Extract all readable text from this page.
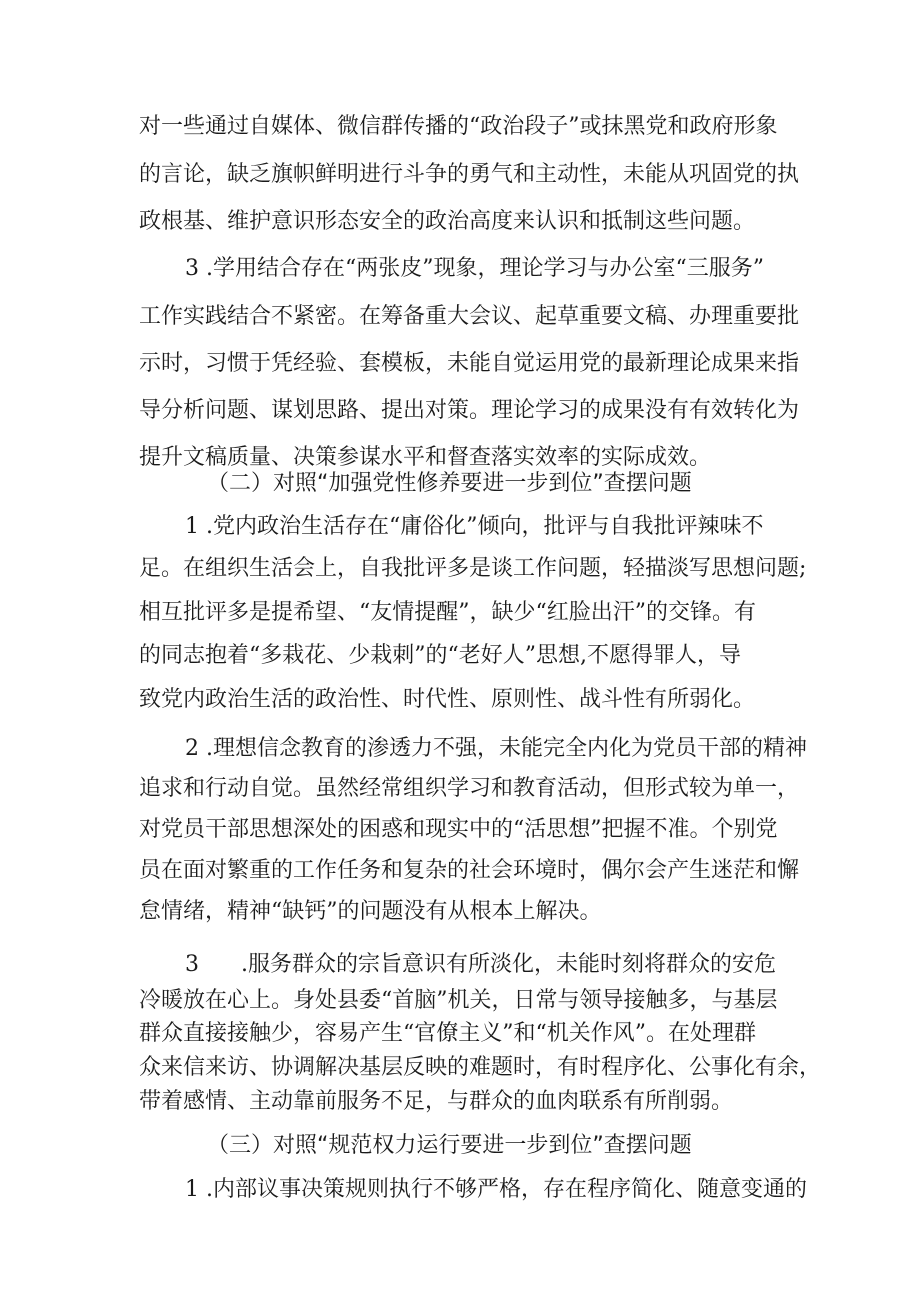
对一些通过自媒体、微信群传播的“政治段子”或抹黑党和政府形象

的言论，缺乏旗帜鲜明进行斗争的勇气和主动性，未能从巩固党的执

政根基、维护意识形态安全的政治高度来认识和抵制这些问题。

3 .学用结合存在“两张皮”现象，理论学习与办公室“三服务”

工作实践结合不紧密。在筹备重大会议、起草重要文稿、办理重要批

示时，习惯于凭经验、套模板，未能自觉运用党的最新理论成果来指

导分析问题、谋划思路、提出对策。理论学习的成果没有有效转化为

提升文稿质量、决策参谋水平和督查落实效率的实际成效。

（二）对照“加强党性修养要进一步到位”查摆问题

1 .党内政治生活存在“庸俗化”倾向，批评与自我批评辣味不

足。在组织生活会上，自我批评多是谈工作问题，轻描淡写思想问题;

相互批评多是提希望、“友情提醒”，缺少“红脸出汗”的交锋。有

的同志抱着“多栽花、少栽刺”的“老好人”思想,不愿得罪人，导

致党内政治生活的政治性、时代性、原则性、战斗性有所弱化。

2 .理想信念教育的渗透力不强，未能完全内化为党员干部的精神

追求和行动自觉。虽然经常组织学习和教育活动，但形式较为单一，

对党员干部思想深处的困惑和现实中的“活思想”把握不准。个别党

员在面对繁重的工作任务和复杂的社会环境时，偶尔会产生迷茫和懈

怠情绪，精神“缺钙”的问题没有从根本上解决。

3      .服务群众的宗旨意识有所淡化，未能时刻将群众的安危

冷暖放在心上。身处县委“首脑”机关，日常与领导接触多，与基层

群众直接接触少，容易产生“官僚主义”和“机关作风”。在处理群

众来信来访、协调解决基层反映的难题时，有时程序化、公事化有余，

带着感情、主动靠前服务不足，与群众的血肉联系有所削弱。

（三）对照“规范权力运行要进一步到位”查摆问题

1 .内部议事决策规则执行不够严格，存在程序简化、随意变通的
